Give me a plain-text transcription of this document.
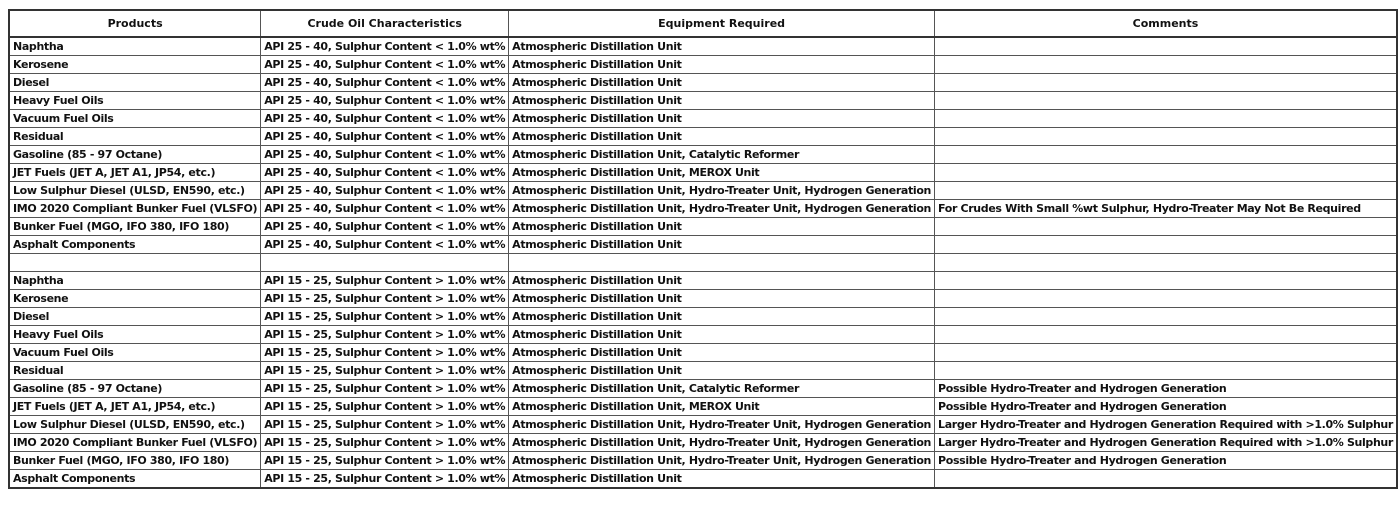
Products	Crude Oil Characteristics	Equipment Required	Comments
Naphtha	API 25 - 40, Sulphur Content < 1.0% wt%	Atmospheric Distillation Unit	
Kerosene	API 25 - 40, Sulphur Content < 1.0% wt%	Atmospheric Distillation Unit	
Diesel	API 25 - 40, Sulphur Content < 1.0% wt%	Atmospheric Distillation Unit	
Heavy Fuel Oils	API 25 - 40, Sulphur Content < 1.0% wt%	Atmospheric Distillation Unit	
Vacuum Fuel Oils	API 25 - 40, Sulphur Content < 1.0% wt%	Atmospheric Distillation Unit	
Residual	API 25 - 40, Sulphur Content < 1.0% wt%	Atmospheric Distillation Unit	
Gasoline (85 - 97 Octane)	API 25 - 40, Sulphur Content < 1.0% wt%	Atmospheric Distillation Unit, Catalytic Reformer	
JET Fuels (JET A, JET A1, JP54, etc.)	API 25 - 40, Sulphur Content < 1.0% wt%	Atmospheric Distillation Unit, MEROX Unit	
Low Sulphur Diesel (ULSD, EN590, etc.)	API 25 - 40, Sulphur Content < 1.0% wt%	Atmospheric Distillation Unit, Hydro-Treater Unit, Hydrogen Generation	
IMO 2020 Compliant Bunker Fuel (VLSFO)	API 25 - 40, Sulphur Content < 1.0% wt%	Atmospheric Distillation Unit, Hydro-Treater Unit, Hydrogen Generation	For Crudes With Small %wt Sulphur, Hydro-Treater May Not Be Required
Bunker Fuel (MGO, IFO 380, IFO 180)	API 25 - 40, Sulphur Content < 1.0% wt%	Atmospheric Distillation Unit	
Asphalt Components	API 25 - 40, Sulphur Content < 1.0% wt%	Atmospheric Distillation Unit	

Naphtha	API 15 - 25, Sulphur Content > 1.0% wt%	Atmospheric Distillation Unit	
Kerosene	API 15 - 25, Sulphur Content > 1.0% wt%	Atmospheric Distillation Unit	
Diesel	API 15 - 25, Sulphur Content > 1.0% wt%	Atmospheric Distillation Unit	
Heavy Fuel Oils	API 15 - 25, Sulphur Content > 1.0% wt%	Atmospheric Distillation Unit	
Vacuum Fuel Oils	API 15 - 25, Sulphur Content > 1.0% wt%	Atmospheric Distillation Unit	
Residual	API 15 - 25, Sulphur Content > 1.0% wt%	Atmospheric Distillation Unit	
Gasoline (85 - 97 Octane)	API 15 - 25, Sulphur Content > 1.0% wt%	Atmospheric Distillation Unit, Catalytic Reformer	Possible Hydro-Treater and Hydrogen Generation
JET Fuels (JET A, JET A1, JP54, etc.)	API 15 - 25, Sulphur Content > 1.0% wt%	Atmospheric Distillation Unit, MEROX Unit	Possible Hydro-Treater and Hydrogen Generation
Low Sulphur Diesel (ULSD, EN590, etc.)	API 15 - 25, Sulphur Content > 1.0% wt%	Atmospheric Distillation Unit, Hydro-Treater Unit, Hydrogen Generation	Larger Hydro-Treater and Hydrogen Generation Required with >1.0% Sulphur
IMO 2020 Compliant Bunker Fuel (VLSFO)	API 15 - 25, Sulphur Content > 1.0% wt%	Atmospheric Distillation Unit, Hydro-Treater Unit, Hydrogen Generation	Larger Hydro-Treater and Hydrogen Generation Required with >1.0% Sulphur
Bunker Fuel (MGO, IFO 380, IFO 180)	API 15 - 25, Sulphur Content > 1.0% wt%	Atmospheric Distillation Unit, Hydro-Treater Unit, Hydrogen Generation	Possible Hydro-Treater and Hydrogen Generation
Asphalt Components	API 15 - 25, Sulphur Content > 1.0% wt%	Atmospheric Distillation Unit	
